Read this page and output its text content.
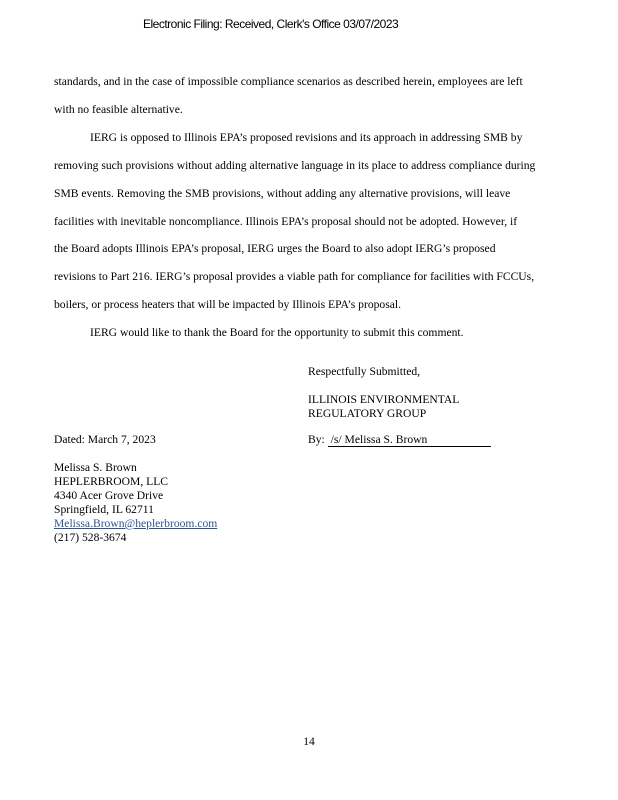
Electronic Filing: Received, Clerk's Office 03/07/2023

standards, and in the case of impossible compliance scenarios as described herein, employees are left
with no feasible alternative.

IERG is opposed to Illinois EPA’s proposed revisions and its approach in addressing SMB by
removing such provisions without adding alternative language in its place to address compliance during
SMB events. Removing the SMB provisions, without adding any alternative provisions, will leave
facilities with inevitable noncompliance. Illinois EPA’s proposal should not be adopted. However, if
the Board adopts Illinois EPA’s proposal, IERG urges the Board to also adopt IERG’s proposed
revisions to Part 216. IERG’s proposal provides a viable path for compliance for facilities with FCCUs,
boilers, or process heaters that will be impacted by Illinois EPA’s proposal.

IERG would like to thank the Board for the opportunity to submit this comment.

Respectfully Submitted,
ILLINOIS ENVIRONMENTAL
REGULATORY GROUP
Dated: March 7, 2023	By: /s/ Melissa S. Brown
Melissa S. Brown
HEPLERBROOM, LLC
4340 Acer Grove Drive
Springfield, IL 62711
Melissa.Brown@heplerbroom.com
(217) 528-3674
14
